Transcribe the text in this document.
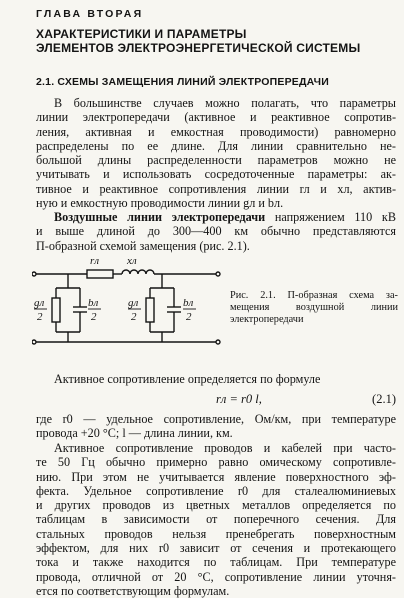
ГЛАВА ВТОРАЯ
ХАРАКТЕРИСТИКИ И ПАРАМЕТРЫ
ЭЛЕМЕНТОВ ЭЛЕКТРОЭНЕРГЕТИЧЕСКОЙ СИСТЕМЫ
2.1. СХЕМЫ ЗАМЕЩЕНИЯ ЛИНИЙ ЭЛЕКТРОПЕРЕДАЧИ
В большинстве случаев можно полагать, что параметры
линии электропередачи (активное и реактивное сопротив-
ления, активная и емкостная проводимости) равномерно
распределены по ее длине. Для линии сравнительно не-
большой длины распределенности параметров можно не
учитывать и использовать сосредоточенные параметры: ак-
тивное и реактивное сопротивления линии rл и xл, актив-
ную и емкостную проводимости линии gл и bл.
Воздушные линии электропередачи напряжением 110 кВ
и выше длиной до 300—400 км обычно представляются
П-образной схемой замещения (рис. 2.1).
rл	xл
gл
2
bл
2
gл
2
bл
2
Рис. 2.1. П-образная схема за-
мещения воздушной линии
электропередачи
Активное сопротивление определяется по формуле
rл = r0 l,	(2.1)
где r0 — удельное сопротивление, Ом/км, при температуре
провода +20 °C; l — длина линии, км.
Активное сопротивление проводов и кабелей при часто-
те 50 Гц обычно примерно равно омическому сопротивле-
нию. При этом не учитывается явление поверхностного эф-
фекта. Удельное сопротивление r0 для сталеалюминиевых
и других проводов из цветных металлов определяется по
таблицам в зависимости от поперечного сечения. Для
стальных проводов нельзя пренебрегать поверхностным
эффектом, для них r0 зависит от сечения и протекающего
тока и также находится по таблицам. При температуре
провода, отличной от 20 °C, сопротивление линии уточня-
ется по соответствующим формулам.
